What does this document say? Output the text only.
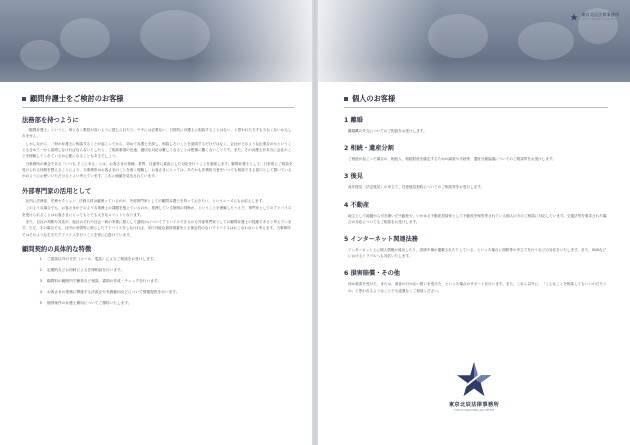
顧問弁護士をご検討のお客様
法務部を持つように

「顧問弁護士」というと、何となく敷居が高いように感じられたり、ウチには必要ない、日常的に弁護士に相談することはない、と思われた方すも少なくないかもしれません。

しかしながら、「何か弁護士に相談することが起こってから、初めて弁護士を探し、相談したいことを説明するだけではなく、会社がどのような企業なのかということも含めて一から説明しなければならないとしたら、ご相談事項の迅速、適切な対応は難しくなることは想像に難くないことです。また、その弁護士が本当に会社のことを理解してくれているか心配になることもあるでしょう。

当事務所の理念である「いつも そこにある」とは、お客さまの業種、業界、社風等に素直にした対応を行うことを意味します。顧問弁護士として、日常的にご相談を受けられる体制を整えることにより、当事務所はお客さまのことを深く理解し、お客さまにとっては、あたかも法務担当者をいつでも相談できる窓口として置いているかのようにお使いいただけるとよい考えています。これに価値を見出されています。

外部専門家の活用として

社内に法務部、法務セクション、法務人材は確保っているがが、外部専門家としての顧問弁護士を持っておきたい、というニーズにもお応えします。

このような場合でも、お客さまがどのような業務上の課題を抱えているのか、業務している個別の判断が、ということを理解したうえで、専門家としてのアドバイスを受けられることはお客さまにとってもとても大きなメリットとなります。

また、自社の判断や対応が、他社のそれや社会一般の実情に照らして適切かについてアドバイスできるのも外部専門家としての顧問弁護士の役割であると考えています。ただ、その場合でも、社内の実情等に照らしたアドバイスをしなければ、実行可能な最終措置をとる保証性のないアドバイスはおこなわないと考えます。当事務所ではそのような生きたアドバイスを行うことを常に心掛けています。

顧問契約の具体的な特徴
1 ご面談以外の方法（メール、電話）によるご相談をお受けします。
2 定期的などお同時による法律相談を行います。
3 顧問料の範囲内で簡易など相談、書面の作成・チェックを行います。
4 お客さまの業務に関連する法改正や実務動向などについて情報提供を行います。
5 個別案件の弁護士費用についてご優待いたします。
東京北辰法律事務所
TOKYO HOKUSHIN LAW OFFICE
個人のお客様
1 離婚
離婚離の外交についてのご相談をお受けします。
2 相続・遺産分割
ご相続が起こった場合の、相続人、相続財産を確定するための調査や手続等、遺産分割協議についてのご相談等をお受けします。
3 後見
成年後見（法定後見）の申立て、任意後見契約についてのご相談等をお受けします。
4 不動産
地主として地盤から引き継いだ不動産や、いわゆる不動産投資家として不動産を保有等されている個人の方のご相談に対応しています。交通法等を要求された場合の対応についてもご相談をお受けします。
5 インターネット関連法務
インターネット上に個人情報が流出したり、誹謗中傷が掲載されたりしている、といった場合に削除等の中立てを行うなどの対応をいたします。また、SNSなどにおけるトラブルへも対応いたします。
6 損害賠償・その他
何か被害を受けた、または、被害の行かない扱いを受けた、といった場合のサポートを行います。また、これら以外に、「こんなことを相談してもいいのだろうか」と思われるようなことでも遠慮なくご相談ください。
東京北辰法律事務所
TOKYO HOKUSHIN LAW OFFICE
